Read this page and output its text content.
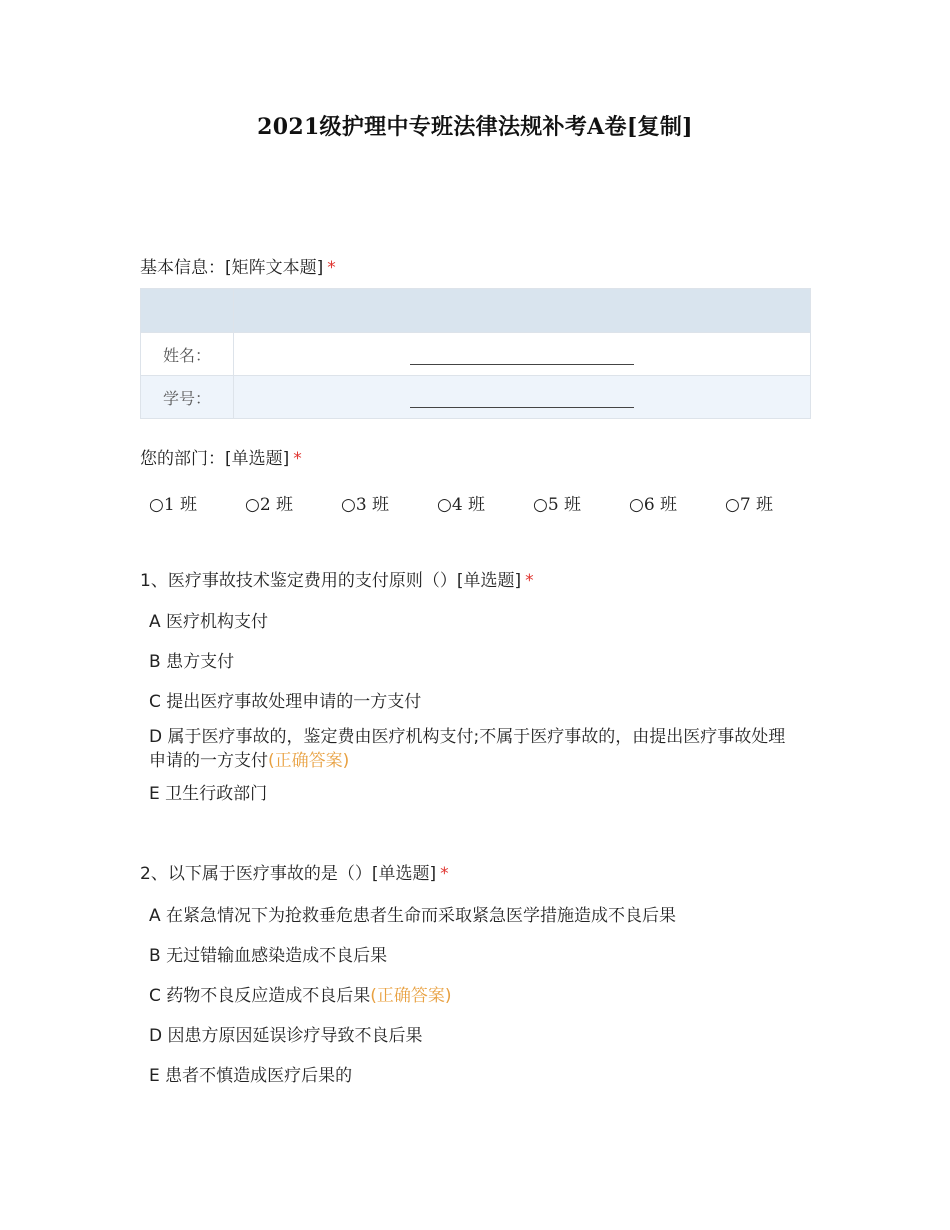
2021级护理中专班法律法规补考A卷[复制]
基本信息：[矩阵文本题] *

姓名：	
学号：	
您的部门：[单选题] *
○1 班	○2 班	○3 班	○4 班	○5 班	○6 班	○7 班
1、医疗事故技术鉴定费用的支付原则（）[单选题] *
A 医疗机构支付
B 患方支付
C 提出医疗事故处理申请的一方支付
D 属于医疗事故的，鉴定费由医疗机构支付;不属于医疗事故的，由提出医疗事故处理申请的一方支付(正确答案)
E 卫生行政部门
2、以下属于医疗事故的是（）[单选题] *
A 在紧急情况下为抢救垂危患者生命而采取紧急医学措施造成不良后果
B 无过错输血感染造成不良后果
C 药物不良反应造成不良后果(正确答案)
D 因患方原因延误诊疗导致不良后果
E 患者不慎造成医疗后果的
